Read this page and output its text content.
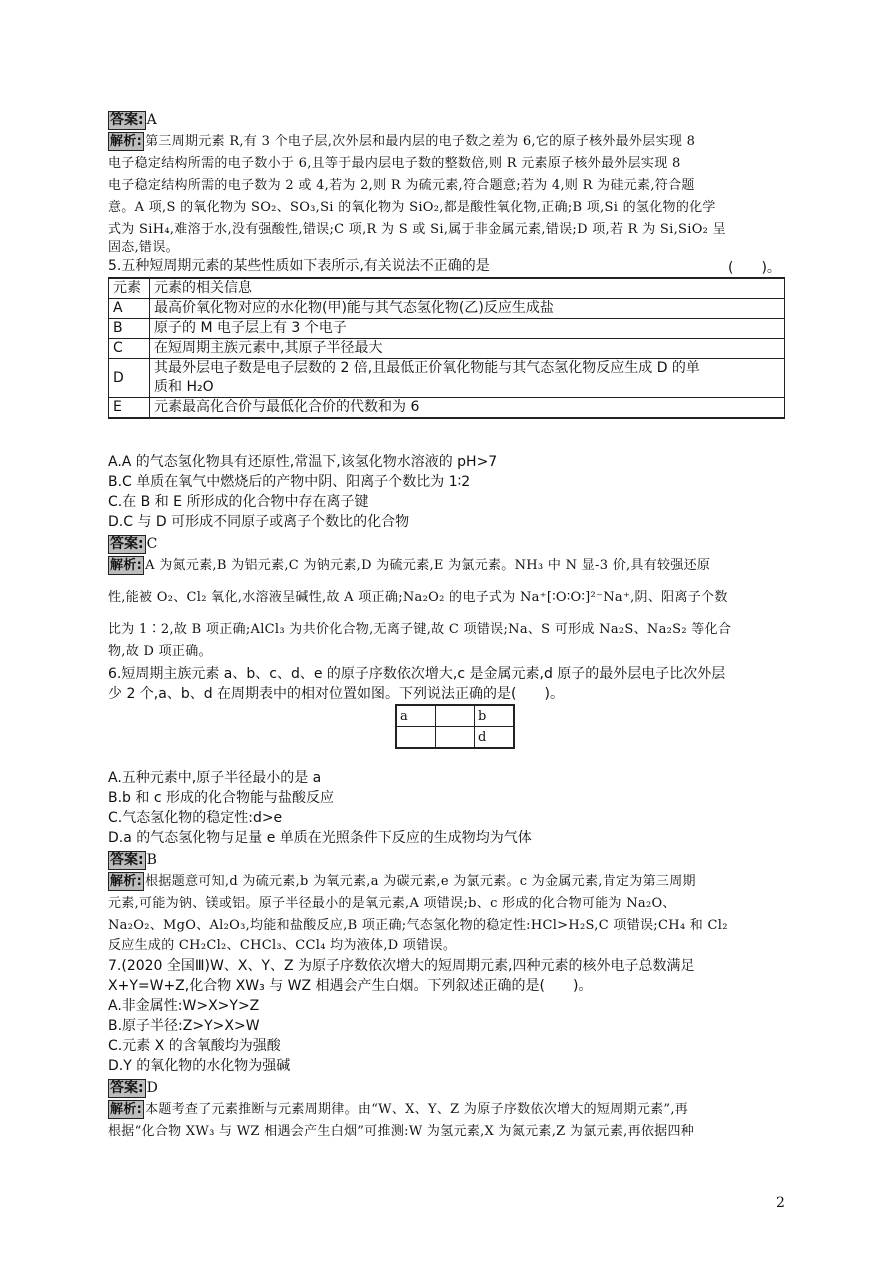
答案: A
解析: 第三周期元素 R,有 3 个电子层,次外层和最内层的电子数之差为 6,它的原子核外最外层实现 8
电子稳定结构所需的电子数小于 6,且等于最内层电子数的整数倍,则 R 元素原子核外最外层实现 8
电子稳定结构所需的电子数为 2 或 4,若为 2,则 R 为硫元素,符合题意;若为 4,则 R 为硅元素,符合题
意。A 项,S 的氧化物为 SO₂、SO₃,Si 的氧化物为 SiO₂,都是酸性氧化物,正确;B 项,Si 的氢化物的化学
式为 SiH₄,难溶于水,没有强酸性,错误;C 项,R 为 S 或 Si,属于非金属元素,错误;D 项,若 R 为 Si,SiO₂ 呈
固态,错误。
5.五种短周期元素的某些性质如下表所示,有关说法不正确的是	(　　)。
元素	元素的相关信息
A	最高价氧化物对应的水化物(甲)能与其气态氢化物(乙)反应生成盐
B	原子的 M 电子层上有 3 个电子
C	在短周期主族元素中,其原子半径最大
D	其最外层电子数是电子层数的 2 倍,且最低正价氧化物能与其气态氢化物反应生成 D 的单
质和 H₂O

E	元素最高化合价与最低化合价的代数和为 6
A.A 的气态氢化物具有还原性,常温下,该氢化物水溶液的 pH>7
B.C 单质在氧气中燃烧后的产物中阴、阳离子个数比为 1∶2
C.在 B 和 E 所形成的化合物中存在离子键
D.C 与 D 可形成不同原子或离子个数比的化合物
答案: C
解析: A 为氮元素,B 为铝元素,C 为钠元素,D 为硫元素,E 为氯元素。NH₃ 中 N 显-3 价,具有较强还原
性,能被 O₂、Cl₂ 氧化,水溶液呈碱性,故 A 项正确;Na₂O₂ 的电子式为 Na⁺[∶O∶O∶]²⁻Na⁺,阴、阳离子个数
比为 1∶2,故 B 项正确;AlCl₃ 为共价化合物,无离子键,故 C 项错误;Na、S 可形成 Na₂S、Na₂S₂ 等化合
物,故 D 项正确。
6.短周期主族元素 a、b、c、d、e 的原子序数依次增大,c 是金属元素,d 原子的最外层电子比次外层
少 2 个,a、b、d 在周期表中的相对位置如图。下列说法正确的是(　　)。
a		b
		d
A.五种元素中,原子半径最小的是 a
B.b 和 c 形成的化合物能与盐酸反应
C.气态氢化物的稳定性:d>e
D.a 的气态氢化物与足量 e 单质在光照条件下反应的生成物均为气体
答案: B
解析: 根据题意可知,d 为硫元素,b 为氧元素,a 为碳元素,e 为氯元素。c 为金属元素,肯定为第三周期
元素,可能为钠、镁或铝。原子半径最小的是氧元素,A 项错误;b、c 形成的化合物可能为 Na₂O、
Na₂O₂、MgO、Al₂O₃,均能和盐酸反应,B 项正确;气态氢化物的稳定性:HCl>H₂S,C 项错误;CH₄ 和 Cl₂
反应生成的 CH₂Cl₂、CHCl₃、CCl₄ 均为液体,D 项错误。
7.(2020 全国Ⅲ)W、X、Y、Z 为原子序数依次增大的短周期元素,四种元素的核外电子总数满足
X+Y=W+Z,化合物 XW₃ 与 WZ 相遇会产生白烟。下列叙述正确的是(　　)。
A.非金属性:W>X>Y>Z
B.原子半径:Z>Y>X>W
C.元素 X 的含氧酸均为强酸
D.Y 的氧化物的水化物为强碱
答案: D
解析: 本题考查了元素推断与元素周期律。由“W、X、Y、Z 为原子序数依次增大的短周期元素”,再
根据“化合物 XW₃ 与 WZ 相遇会产生白烟”可推测:W 为氢元素,X 为氮元素,Z 为氯元素,再依据四种
2
